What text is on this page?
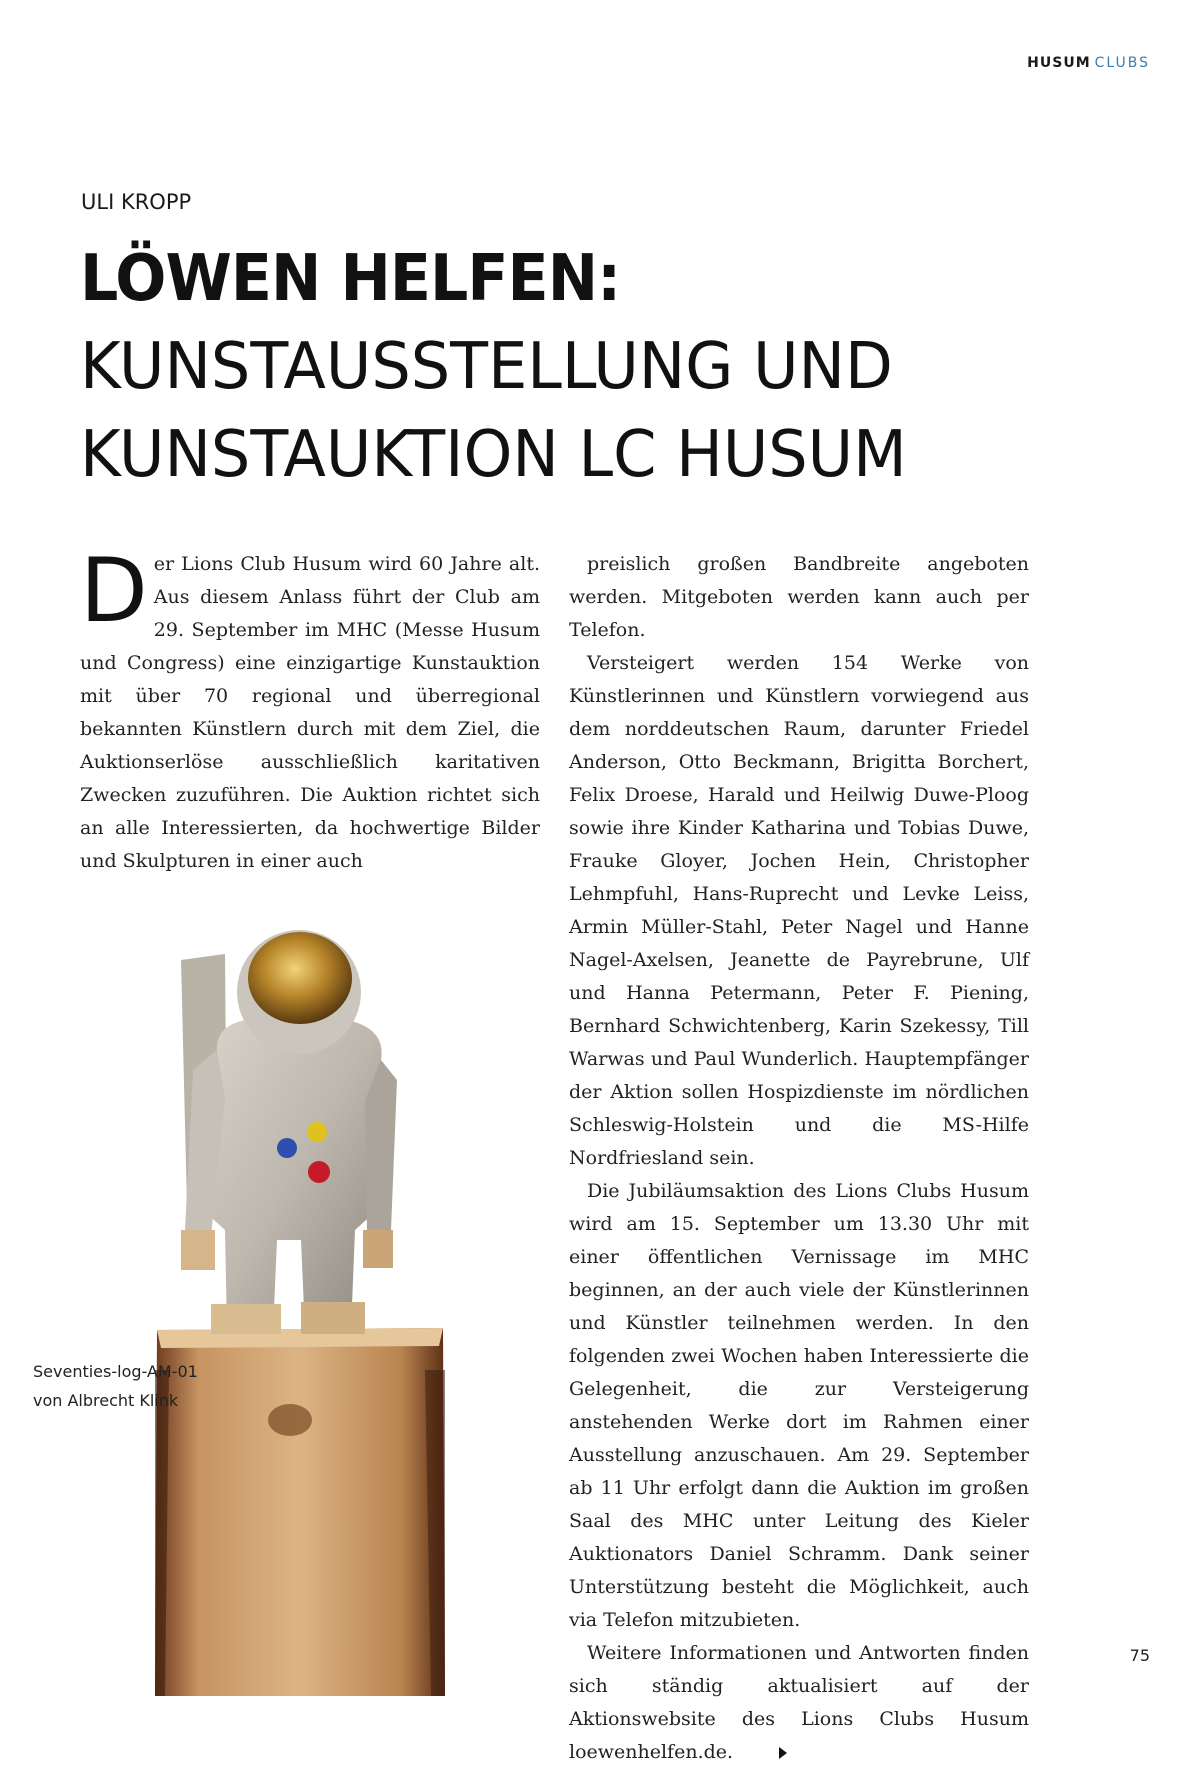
HUSUM CLUBS
ULI KROPP
LÖWEN HELFEN:
KUNSTAUSSTELLUNG UND KUNSTAUKTION LC HUSUM

Der Lions Club Husum wird 60 Jahre alt. Aus diesem Anlass führt der Club am 29. September im MHC (Messe Husum und Congress) eine einzigartige Kunstauktion mit über 70 regional und überregional bekannten Künstlern durch mit dem Ziel, die Auktionserlöse ausschließlich karitativen Zwecken zuzuführen. Die Auktion richtet sich an alle Interessierten, da hochwertige Bilder und Skulpturen in einer auch

preislich großen Bandbreite angeboten werden. Mitgeboten werden kann auch per Telefon.

Versteigert werden 154 Werke von Künstlerinnen und Künstlern vorwiegend aus dem norddeutschen Raum, darunter Friedel Anderson, Otto Beckmann, Brigitta Borchert, Felix Droese, Harald und Heilwig Duwe-Ploog sowie ihre Kinder Katharina und Tobias Duwe, Frauke Gloyer, Jochen Hein, Christopher Lehmpfuhl, Hans-Ruprecht und Levke Leiss, Armin Müller-Stahl, Peter Nagel und Hanne Nagel-Axelsen, Jeanette de Payrebrune, Ulf und Hanna Petermann, Peter F. Piening, Bernhard Schwichtenberg, Karin Szekessy, Till Warwas und Paul Wunderlich. Hauptempfänger der Aktion sollen Hospizdienste im nördlichen Schleswig-Holstein und die MS-Hilfe Nordfriesland sein.

Die Jubiläumsaktion des Lions Clubs Husum wird am 15. September um 13.30 Uhr mit einer öffentlichen Vernissage im MHC beginnen, an der auch viele der Künstlerinnen und Künstler teilnehmen werden. In den folgenden zwei Wochen haben Interessierte die Gelegenheit, die zur Versteigerung anstehenden Werke dort im Rahmen einer Ausstellung anzuschauen. Am 29. September ab 11 Uhr erfolgt dann die Auktion im großen Saal des MHC unter Leitung des Kieler Auktionators Daniel Schramm. Dank seiner Unterstützung besteht die Möglichkeit, auch via Telefon mitzubieten.

Weitere Informationen und Antworten finden sich ständig aktualisiert auf der Aktionswebsite des Lions Clubs Husum loewenhelfen.de.

Seventies-log-AM-01
von Albrecht Klink
75
